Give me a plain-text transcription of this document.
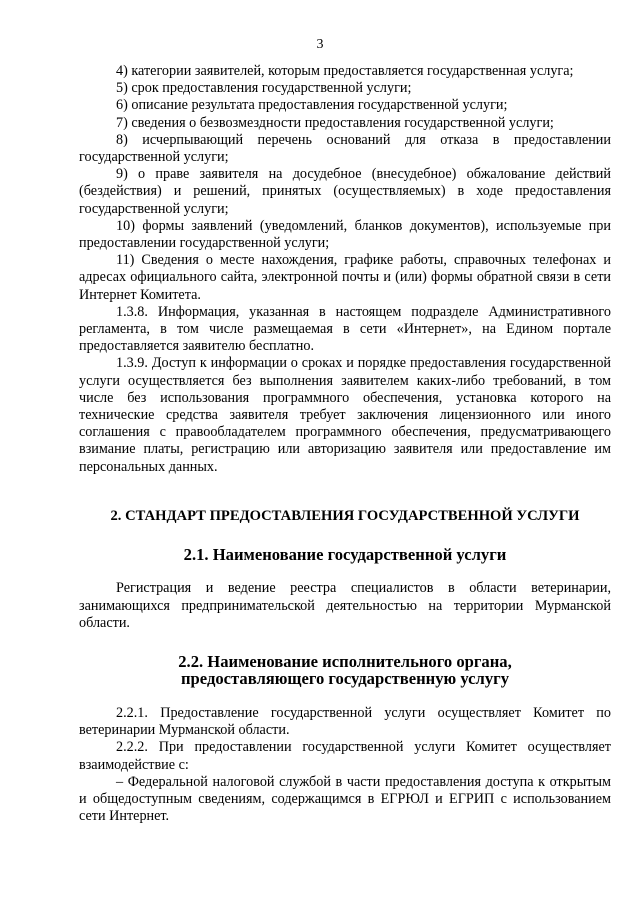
3

4) категории заявителей, которым предоставляется государственная услуга;

5) срок предоставления государственной услуги;

6) описание результата предоставления государственной услуги;

7) сведения о безвозмездности предоставления государственной услуги;

8) исчерпывающий перечень оснований для отказа в предоставлении государственной услуги;

9) о праве заявителя на досудебное (внесудебное) обжалование действий (бездействия) и решений, принятых (осуществляемых) в ходе предоставления государственной услуги;

10) формы заявлений (уведомлений, бланков документов), используемые при предоставлении государственной услуги;

11) Сведения о месте нахождения, графике работы, справочных телефонах и адресах официального сайта, электронной почты и (или) формы обратной связи в сети Интернет Комитета.

1.3.8. Информация, указанная в настоящем подразделе Административного регламента, в том числе размещаемая в сети «Интернет», на Едином портале предоставляется заявителю бесплатно.

1.3.9. Доступ к информации о сроках и порядке предоставления государственной услуги осуществляется без выполнения заявителем каких-либо требований, в том числе без использования программного обеспечения, установка которого на технические средства заявителя требует заключения лицензионного или иного соглашения с правообладателем программного обеспечения, предусматривающего взимание платы, регистрацию или авторизацию заявителя или предоставление им персональных данных.

2. СТАНДАРТ ПРЕДОСТАВЛЕНИЯ ГОСУДАРСТВЕННОЙ УСЛУГИ
2.1. Наименование государственной услуги

Регистрация и ведение реестра специалистов в области ветеринарии, занимающихся предпринимательской деятельностью на территории Мурманской области.

2.2. Наименование исполнительного органа,
предоставляющего государственную услугу

2.2.1. Предоставление государственной услуги осуществляет Комитет по ветеринарии Мурманской области.

2.2.2. При предоставлении государственной услуги Комитет осуществляет взаимодействие с:

– Федеральной налоговой службой в части предоставления доступа к открытым и общедоступным сведениям, содержащимся в ЕГРЮЛ и ЕГРИП с использованием сети Интернет.
